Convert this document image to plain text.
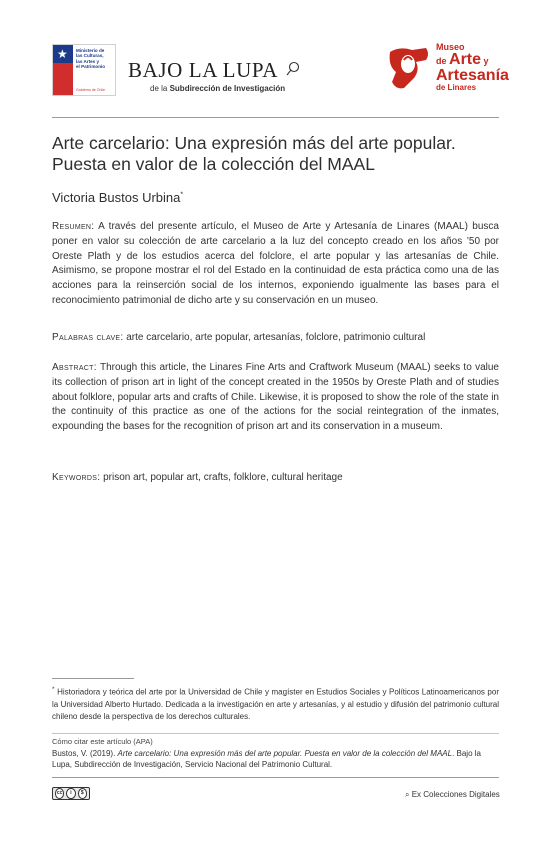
★ Ministerio de
las Culturas,
las Artes y
el Patrimonio
Gobierno de Chile
BAJO LA LUPA
de la Subdirección de Investigación
Museo
de Arte y
Artesanía
de Linares
Arte carcelario: Una expresión más del arte popular.
Puesta en valor de la colección del MAAL
Victoria Bustos Urbina*
Resumen: A través del presente artículo, el Museo de Arte y Artesanía de Linares (MAAL) busca poner en valor su colección de arte carcelario a la luz del concepto creado en los años ’50 por Oreste Plath y de los estudios acerca del folclore, el arte popular y las artesanías de Chile. Asimismo, se propone mostrar el rol del Estado en la continuidad de esta práctica como una de las acciones para la reinserción social de los internos, exponiendo igualmente las bases para el reconocimiento patrimonial de dicho arte y su conservación en un museo.
Palabras clave: arte carcelario, arte popular, artesanías, folclore, patrimonio cultural
Abstract: Through this article, the Linares Fine Arts and Craftwork Museum (MAAL) seeks to value its collection of prison art in light of the concept created in the 1950s by Oreste Plath and of studies about folklore, popular arts and crafts of Chile. Likewise, it is proposed to show the role of the state in the continuity of this practice as one of the actions for the social reintegration of the inmates, expounding the bases for the recognition of prison art and its conservation in a museum.
Keywords: prison art, popular art, crafts, folklore, cultural heritage
* Historiadora y teórica del arte por la Universidad de Chile y magíster en Estudios Sociales y Políticos Latinoamericanos por la Universidad Alberto Hurtado. Dedicada a la investigación en arte y artesanías, y al estudio y difusión del patrimonio cultural chileno desde la perspectiva de los derechos culturales.
Cómo citar este artículo (APA)
Bustos, V. (2019). Arte carcelario: Una expresión más del arte popular. Puesta en valor de la colección del MAAL. Bajo la Lupa, Subdirección de Investigación, Servicio Nacional del Patrimonio Cultural.
cc	i	$	⌕ Ex Colecciones Digitales
